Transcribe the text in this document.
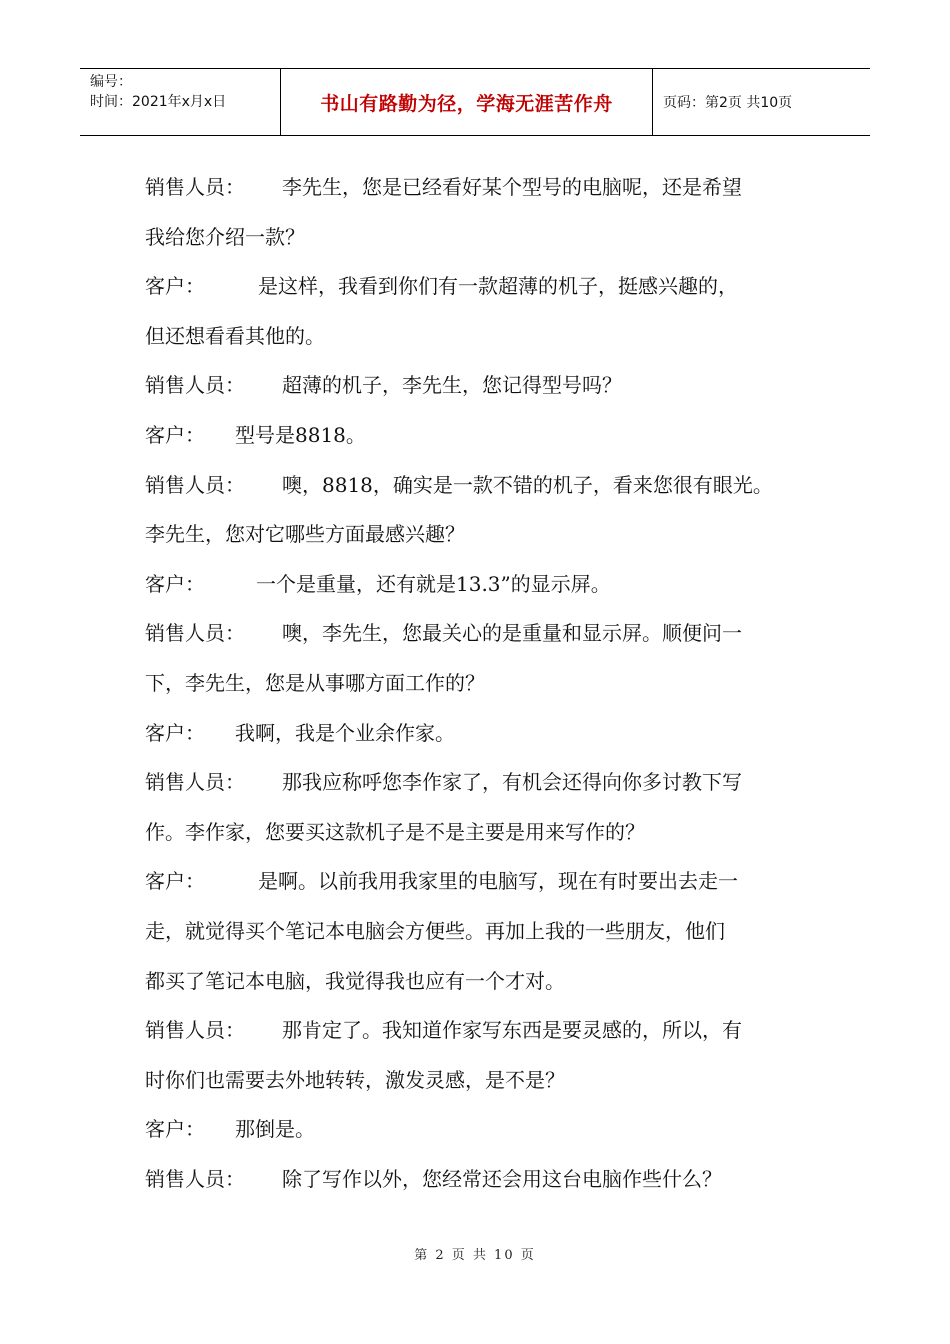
编号：
时间：2021年x月x日	书山有路勤为径，学海无涯苦作舟	页码：第2页 共10页
销售人员： 李先生，您是已经看好某个型号的电脑呢，还是希望
我给您介绍一款？
客户：	是这样，我看到你们有一款超薄的机子，挺感兴趣的，
但还想看看其他的。
销售人员： 超薄的机子，李先生，您记得型号吗？
客户： 型号是8818。
销售人员： 噢，8818，确实是一款不错的机子，看来您很有眼光。
李先生，您对它哪些方面最感兴趣？
客户：	一个是重量，还有就是13.3”的显示屏。
销售人员： 噢，李先生，您最关心的是重量和显示屏。顺便问一
下，李先生，您是从事哪方面工作的？
客户： 我啊，我是个业余作家。
销售人员： 那我应称呼您李作家了，有机会还得向你多讨教下写
作。李作家，您要买这款机子是不是主要是用来写作的？
客户：	是啊。以前我用我家里的电脑写，现在有时要出去走一
走，就觉得买个笔记本电脑会方便些。再加上我的一些朋友，他们
都买了笔记本电脑，我觉得我也应有一个才对。
销售人员： 那肯定了。我知道作家写东西是要灵感的，所以，有
时你们也需要去外地转转，激发灵感，是不是？
客户： 那倒是。
销售人员： 除了写作以外，您经常还会用这台电脑作些什么？
第 2 页 共 10 页
